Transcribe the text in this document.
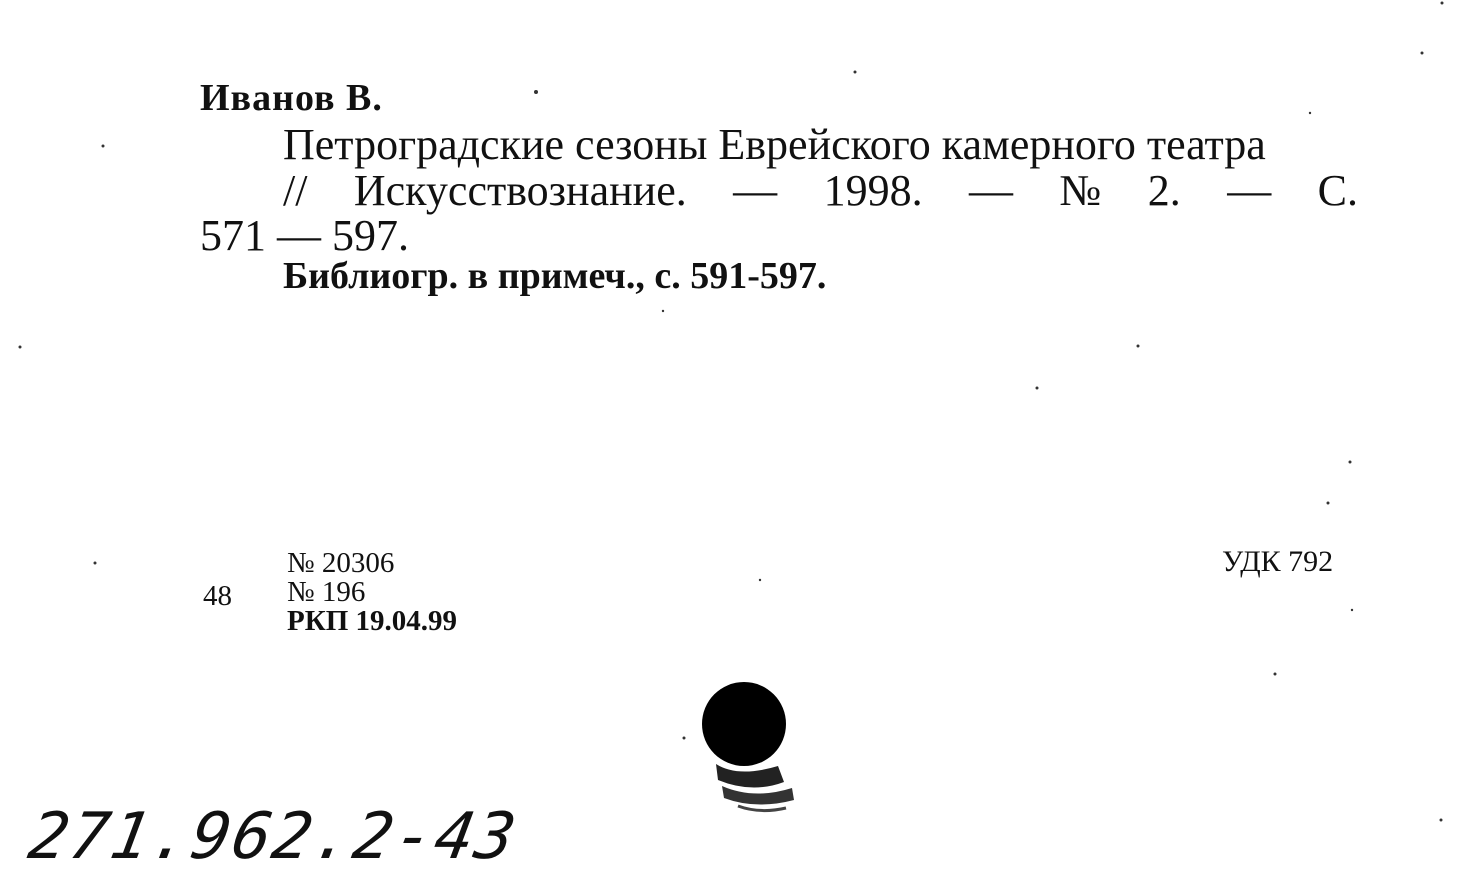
Иванов В.
Петроградские сезоны Еврейского камерного театра
// Искусствознание. — 1998. — № 2. — С.
571 — 597.
Библиогр. в примеч., с. 591-597.
48
№ 20306
№ 196
РКП 19.04.99
УДК 792
271.962.2-43
